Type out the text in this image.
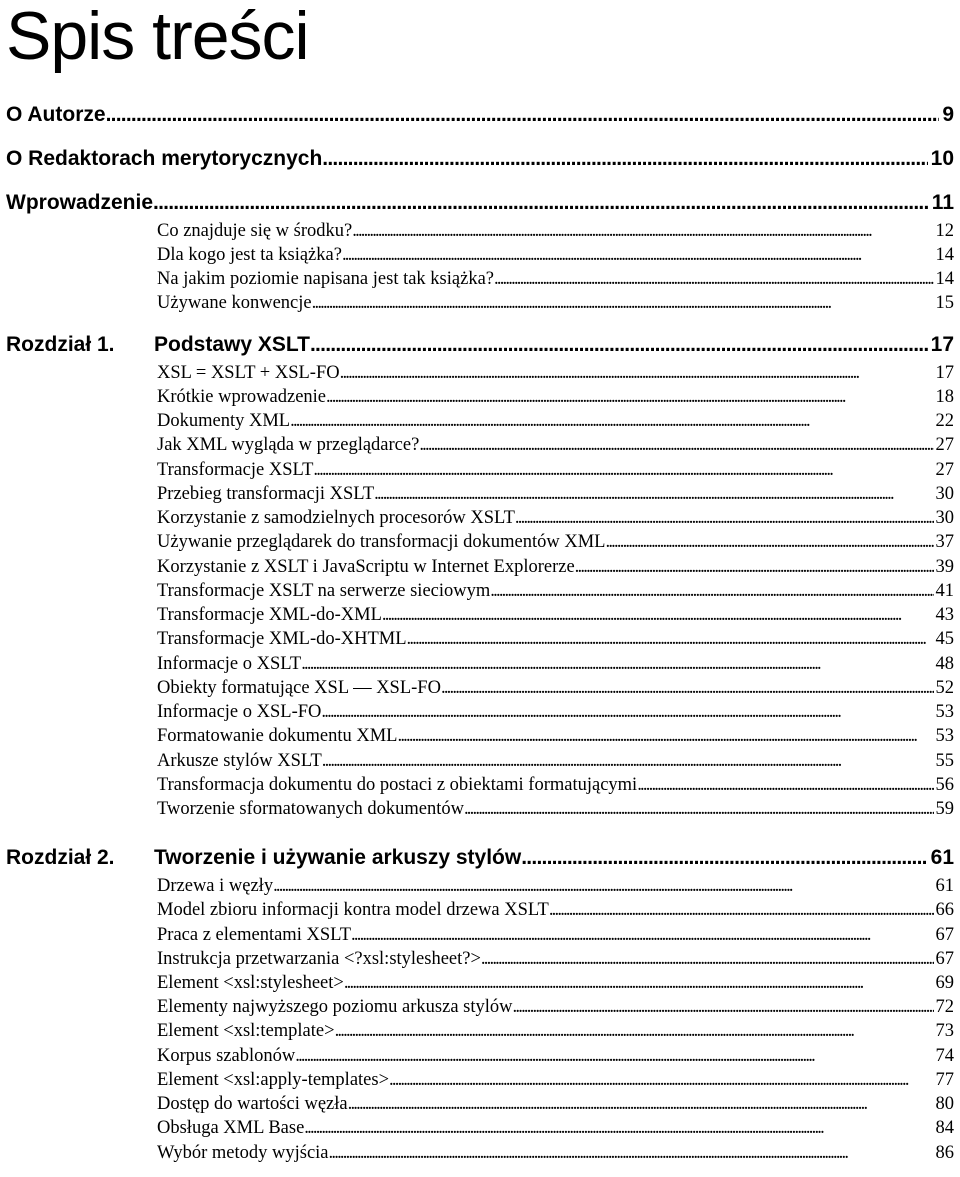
Spis treści
O Autorze . . .	9
O Redaktorach merytorycznych . . .	10
Wprowadzenie . . .	11
Co znajduje się w środku? . . .	12
Dla kogo jest ta książka? . . .	14
Na jakim poziomie napisana jest tak książka? . . .	14
Używane konwencje . . .	15
Rozdział 1.	Podstawy XSLT . . .	17
XSL = XSLT + XSL-FO . . .	17
Krótkie wprowadzenie . . .	18
Dokumenty XML . . .	22
Jak XML wygląda w przeglądarce? . . .	27
Transformacje XSLT . . .	27
Przebieg transformacji XSLT . . .	30
Korzystanie z samodzielnych procesorów XSLT . . .	30
Używanie przeglądarek do transformacji dokumentów XML . . .	37
Korzystanie z XSLT i JavaScriptu w Internet Explorerze . . .	39
Transformacje XSLT na serwerze sieciowym . . .	41
Transformacje XML-do-XML . . .	43
Transformacje XML-do-XHTML . . .	45
Informacje o XSLT . . .	48
Obiekty formatujące XSL — XSL-FO . . .	52
Informacje o XSL-FO . . .	53
Formatowanie dokumentu XML . . .	53
Arkusze stylów XSLT . . .	55
Transformacja dokumentu do postaci z obiektami formatującymi . . .	56
Tworzenie sformatowanych dokumentów . . .	59
Rozdział 2.	Tworzenie i używanie arkuszy stylów . . .	61
Drzewa i węzły . . .	61
Model zbioru informacji kontra model drzewa XSLT . . .	66
Praca z elementami XSLT . . .	67
Instrukcja przetwarzania <?xsl:stylesheet?> . . .	67
Element <xsl:stylesheet> . . .	69
Elementy najwyższego poziomu arkusza stylów . . .	72
Element <xsl:template> . . .	73
Korpus szablonów . . .	74
Element <xsl:apply-templates> . . .	77
Dostęp do wartości węzła . . .	80
Obsługa XML Base . . .	84
Wybór metody wyjścia . . .	86
